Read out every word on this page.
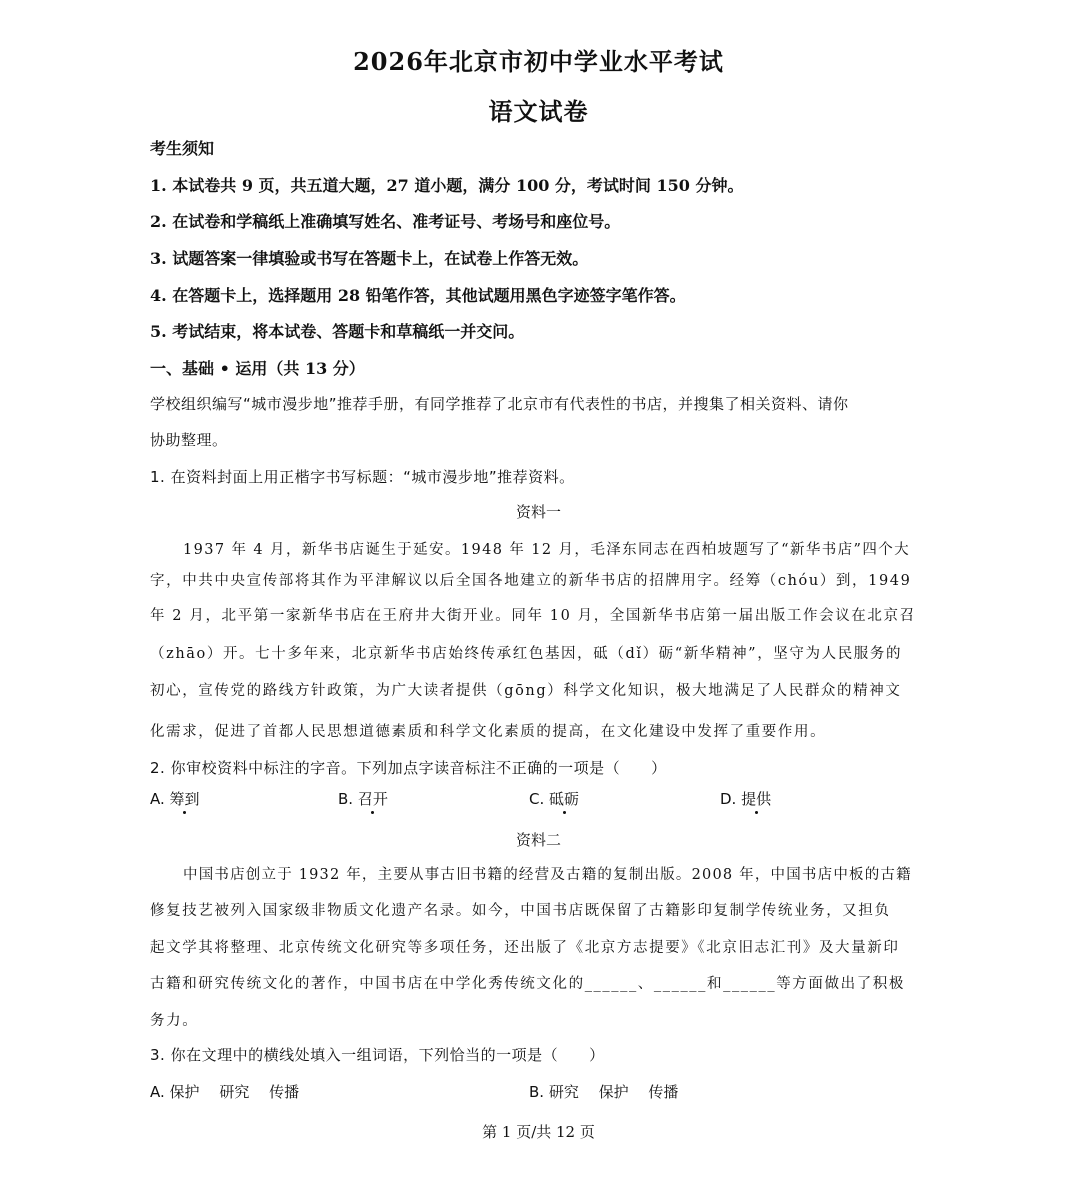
2026年北京市初中学业水平考试
语文试卷
考生须知
1. 本试卷共 9 页，共五道大题，27 道小题，满分 100 分，考试时间 150 分钟。
2. 在试卷和学稿纸上准确填写姓名、准考证号、考场号和座位号。
3. 试题答案一律填验或书写在答题卡上，在试卷上作答无效。
4. 在答题卡上，选择题用 28 铅笔作答，其他试题用黑色字迹签字笔作答。
5. 考试结束，将本试卷、答题卡和草稿纸一并交问。
一、基础 • 运用（共 13 分）
学校组织编写“城市漫步地”推荐手册，有同学推荐了北京市有代表性的书店，并搜集了相关资料、请你
协助整理。
1. 在资料封面上用正楷字书写标题：“城市漫步地”推荐资料。
资料一
1937 年 4 月，新华书店诞生于延安。1948 年 12 月，毛泽东同志在西柏坡题写了“新华书店”四个大
字，中共中央宣传部将其作为平津解议以后全国各地建立的新华书店的招牌用字。经筹（chóu）到，1949
年 2 月，北平第一家新华书店在王府井大街开业。同年 10 月，全国新华书店第一届出版工作会议在北京召
（zhāo）开。七十多年来，北京新华书店始终传承红色基因，砥（dǐ）砺“新华精神”，坚守为人民服务的
初心，宣传党的路线方针政策，为广大读者提供（gōng）科学文化知识，极大地满足了人民群众的精神文
化需求，促进了首都人民思想道德素质和科学文化素质的提高，在文化建设中发挥了重要作用。
2. 你审校资料中标注的字音。下列加点字读音标注不正确的一项是（　　）
A. 筹到	B. 召开	C. 砥砺	D. 提供
资料二
中国书店创立于 1932 年，主要从事古旧书籍的经营及古籍的复制出版。2008 年，中国书店中板的古籍
修复技艺被列入国家级非物质文化遗产名录。如今，中国书店既保留了古籍影印复制学传统业务，又担负
起文学其将整理、北京传统文化研究等多项任务，还出版了《北京方志提要》《北京旧志汇刊》及大量新印
古籍和研究传统文化的著作，中国书店在中学化秀传统文化的______、______和______等方面做出了积极
务力。
3. 你在文理中的横线处填入一组词语，下列恰当的一项是（　　）
A. 保护　 研究　 传播	B. 研究　 保护　 传播
第 1 页/共 12 页
